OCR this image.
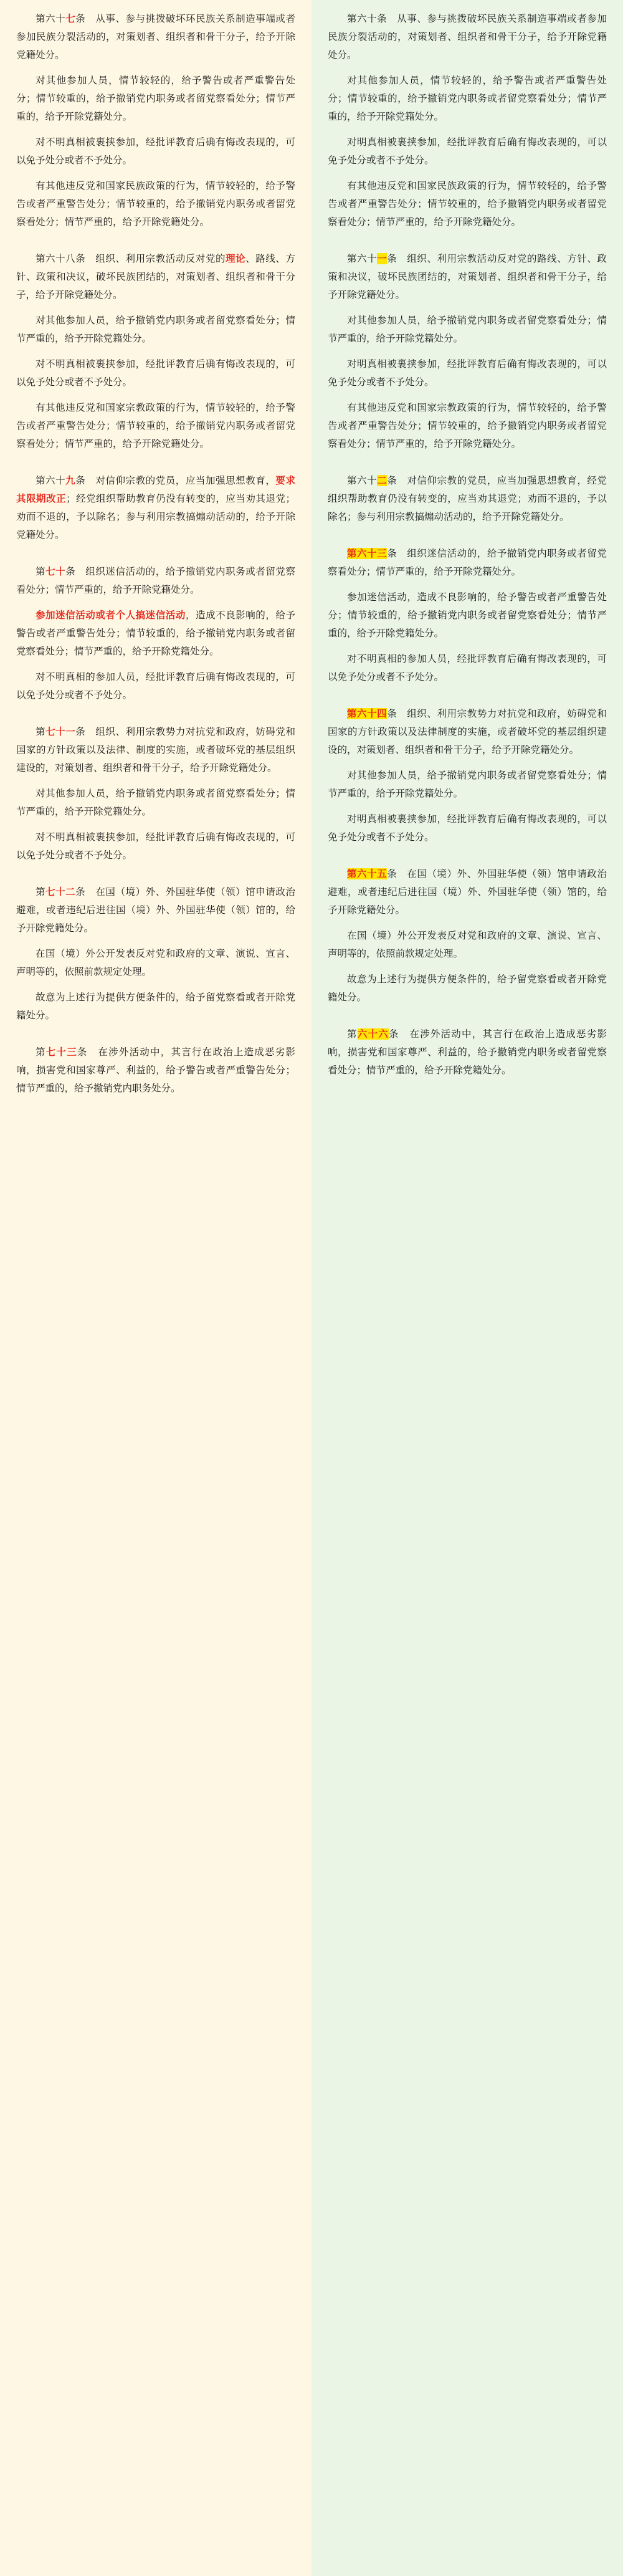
第六十七条　从事、参与挑拨破坏环民族关系制造事端或者参加民族分裂活动的，对策划者、组织者和骨干分子，给予开除党籍处分。

对其他参加人员，情节较轻的，给予警告或者严重警告处分；情节较重的，给予撤销党内职务或者留党察看处分；情节严重的，给予开除党籍处分。

对不明真相被裹挟参加，经批评教育后确有悔改表现的，可以免予处分或者不予处分。

有其他违反党和国家民族政策的行为，情节较轻的，给予警告或者严重警告处分；情节较重的，给予撤销党内职务或者留党察看处分；情节严重的，给予开除党籍处分。

第六十八条　组织、利用宗教活动反对党的理论、路线、方针、政策和决议，破坏民族团结的，对策划者、组织者和骨干分子，给予开除党籍处分。

对其他参加人员，给予撤销党内职务或者留党察看处分；情节严重的，给予开除党籍处分。

对不明真相被裹挟参加，经批评教育后确有悔改表现的，可以免予处分或者不予处分。

有其他违反党和国家宗教政策的行为，情节较轻的，给予警告或者严重警告处分；情节较重的，给予撤销党内职务或者留党察看处分；情节严重的，给予开除党籍处分。

第六十九条　对信仰宗教的党员，应当加强思想教育，要求其限期改正；经党组织帮助教育仍没有转变的，应当劝其退党；劝而不退的，予以除名；参与利用宗教搞煽动活动的，给予开除党籍处分。

第七十条　组织迷信活动的，给予撤销党内职务或者留党察看处分；情节严重的，给予开除党籍处分。

参加迷信活动或者个人搞迷信活动，造成不良影响的，给予警告或者严重警告处分；情节较重的，给予撤销党内职务或者留党察看处分；情节严重的，给予开除党籍处分。

对不明真相的参加人员，经批评教育后确有悔改表现的，可以免予处分或者不予处分。

第七十一条　组织、利用宗教势力对抗党和政府，妨碍党和国家的方针政策以及法律、制度的实施，或者破坏党的基层组织建设的，对策划者、组织者和骨干分子，给予开除党籍处分。

对其他参加人员，给予撤销党内职务或者留党察看处分；情节严重的，给予开除党籍处分。

对不明真相被裹挟参加，经批评教育后确有悔改表现的，可以免予处分或者不予处分。

第七十二条　在国（境）外、外国驻华使（领）馆申请政治避难，或者违纪后进往国（境）外、外国驻华使（领）馆的，给予开除党籍处分。

在国（境）外公开发表反对党和政府的文章、演说、宣言、声明等的，依照前款规定处理。

故意为上述行为提供方便条件的，给予留党察看或者开除党籍处分。

第七十三条　在涉外活动中，其言行在政治上造成恶劣影响，损害党和国家尊严、利益的，给予警告或者严重警告处分；情节严重的，给予撤销党内职务处分。

第六十条　从事、参与挑拨破坏民族关系制造事端或者参加民族分裂活动的，对策划者、组织者和骨干分子，给予开除党籍处分。

对其他参加人员，情节较轻的，给予警告或者严重警告处分；情节较重的，给予撤销党内职务或者留党察看处分；情节严重的，给予开除党籍处分。

对明真相被裹挟参加，经批评教育后确有悔改表现的，可以免予处分或者不予处分。

有其他违反党和国家民族政策的行为，情节较轻的，给予警告或者严重警告处分；情节较重的，给予撤销党内职务或者留党察看处分；情节严重的，给予开除党籍处分。

第六十一条　组织、利用宗教活动反对党的路线、方针、政策和决议，破坏民族团结的，对策划者、组织者和骨干分子，给予开除党籍处分。

对其他参加人员，给予撤销党内职务或者留党察看处分；情节严重的，给予开除党籍处分。

对明真相被裹挟参加，经批评教育后确有悔改表现的，可以免予处分或者不予处分。

有其他违反党和国家宗教政策的行为，情节较轻的，给予警告或者严重警告处分；情节较重的，给予撤销党内职务或者留党察看处分；情节严重的，给予开除党籍处分。

第六十二条　对信仰宗教的党员，应当加强思想教育，经党组织帮助教育仍没有转变的，应当劝其退党；劝而不退的，予以除名；参与利用宗教搞煽动活动的，给予开除党籍处分。

第六十三条　组织迷信活动的，给予撤销党内职务或者留党察看处分；情节严重的，给予开除党籍处分。

参加迷信活动，造成不良影响的，给予警告或者严重警告处分；情节较重的，给予撤销党内职务或者留党察看处分；情节严重的，给予开除党籍处分。

对不明真相的参加人员，经批评教育后确有悔改表现的，可以免予处分或者不予处分。

第六十四条　组织、利用宗教势力对抗党和政府，妨碍党和国家的方针政策以及法律制度的实施，或者破坏党的基层组织建设的，对策划者、组织者和骨干分子，给予开除党籍处分。

对其他参加人员，给予撤销党内职务或者留党察看处分；情节严重的，给予开除党籍处分。

对明真相被裹挟参加，经批评教育后确有悔改表现的，可以免予处分或者不予处分。

第六十五条　在国（境）外、外国驻华使（领）馆申请政治避难，或者违纪后进往国（境）外、外国驻华使（领）馆的，给予开除党籍处分。

在国（境）外公开发表反对党和政府的文章、演说、宣言、声明等的，依照前款规定处理。

故意为上述行为提供方便条件的，给予留党察看或者开除党籍处分。

第六十六条　在涉外活动中，其言行在政治上造成恶劣影响，损害党和国家尊严、利益的，给予撤销党内职务或者留党察看处分；情节严重的，给予开除党籍处分。
